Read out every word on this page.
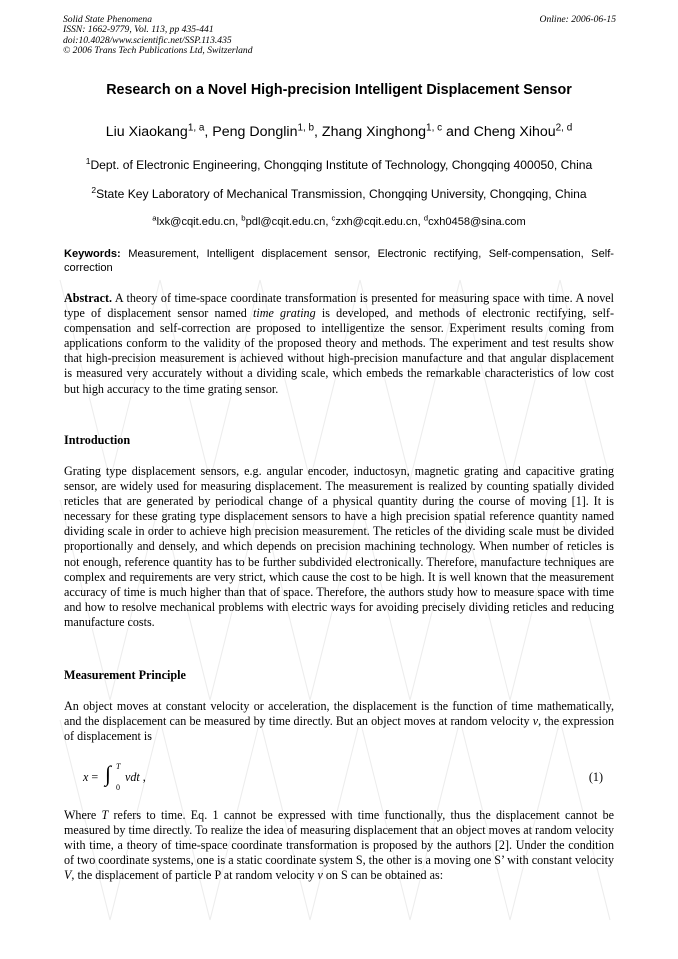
Solid State Phenomena
ISSN: 1662-9779, Vol. 113, pp 435-441
doi:10.4028/www.scientific.net/SSP.113.435
© 2006 Trans Tech Publications Ltd, Switzerland
Online: 2006-06-15
Research on a Novel High-precision Intelligent Displacement Sensor
Liu Xiaokang$^{1, a}$, Peng Donglin$^{1, b}$, Zhang Xinghong$^{1, c}$ and Cheng Xihou$^{2, d}$
$^1$Dept. of Electronic Engineering, Chongqing Institute of Technology, Chongqing 400050, China
$^2$State Key Laboratory of Mechanical Transmission, Chongqing University, Chongqing, China
$^a$lxk@cqit.edu.cn, $^b$pdl@cqit.edu.cn, $^c$zxh@cqit.edu.cn, $^d$cxh0458@sina.com
Keywords: Measurement, Intelligent displacement sensor, Electronic rectifying, Self-compensation, Self-correction
Abstract. A theory of time-space coordinate transformation is presented for measuring space with time. A novel type of displacement sensor named time grating is developed, and methods of electronic rectifying, self-compensation and self-correction are proposed to intelligentize the sensor. Experiment results coming from applications conform to the validity of the proposed theory and methods. The experiment and test results show that high-precision measurement is achieved without high-precision manufacture and that angular displacement is measured very accurately without a dividing scale, which embeds the remarkable characteristics of low cost but high accuracy to the time grating sensor.
Introduction
Grating type displacement sensors, e.g. angular encoder, inductosyn, magnetic grating and capacitive grating sensor, are widely used for measuring displacement. The measurement is realized by counting spatially divided reticles that are generated by periodical change of a physical quantity during the course of moving [1]. It is necessary for these grating type displacement sensors to have a high precision spatial reference quantity named dividing scale in order to achieve high precision measurement. The reticles of the dividing scale must be divided proportionally and densely, and which depends on precision machining technology. When number of reticles is not enough, reference quantity has to be further subdivided electronically. Therefore, manufacture techniques are complex and requirements are very strict, which cause the cost to be high. It is well known that the measurement accuracy of time is much higher than that of space. Therefore, the authors study how to measure space with time and how to resolve mechanical problems with electric ways for avoiding precisely dividing reticles and reducing manufacture costs.
Measurement Principle
An object moves at constant velocity or acceleration, the displacement is the function of time mathematically, and the displacement can be measured by time directly. But an object moves at random velocity v, the expression of displacement is
x = ∫ T
0
vdt ,	(1)
Where T refers to time. Eq. 1 cannot be expressed with time functionally, thus the displacement cannot be measured by time directly. To realize the idea of measuring displacement that an object moves at random velocity with time, a theory of time-space coordinate transformation is proposed by the authors [2]. Under the condition of two coordinate systems, one is a static coordinate system S, the other is a moving one S’ with constant velocity V, the displacement of particle P at random velocity v on S can be obtained as:
